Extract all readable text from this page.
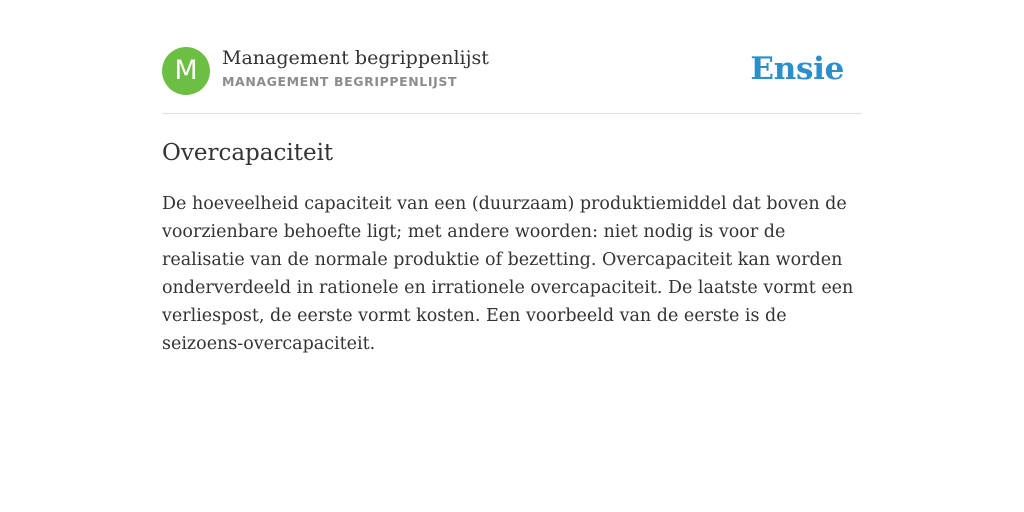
M	Management begrippenlijst
MANAGEMENT BEGRIPPENLIJST	Ensie
Overcapaciteit

De hoeveelheid capaciteit van een (duurzaam) produktiemiddel dat boven de voorzienbare behoefte ligt; met andere woorden: niet nodig is voor de realisatie van de normale produktie of bezetting. Overcapaciteit kan worden onderverdeeld in rationele en irrationele overcapaciteit. De laatste vormt een verliespost, de eerste vormt kosten. Een voorbeeld van de eerste is de seizoens-overcapaciteit.
